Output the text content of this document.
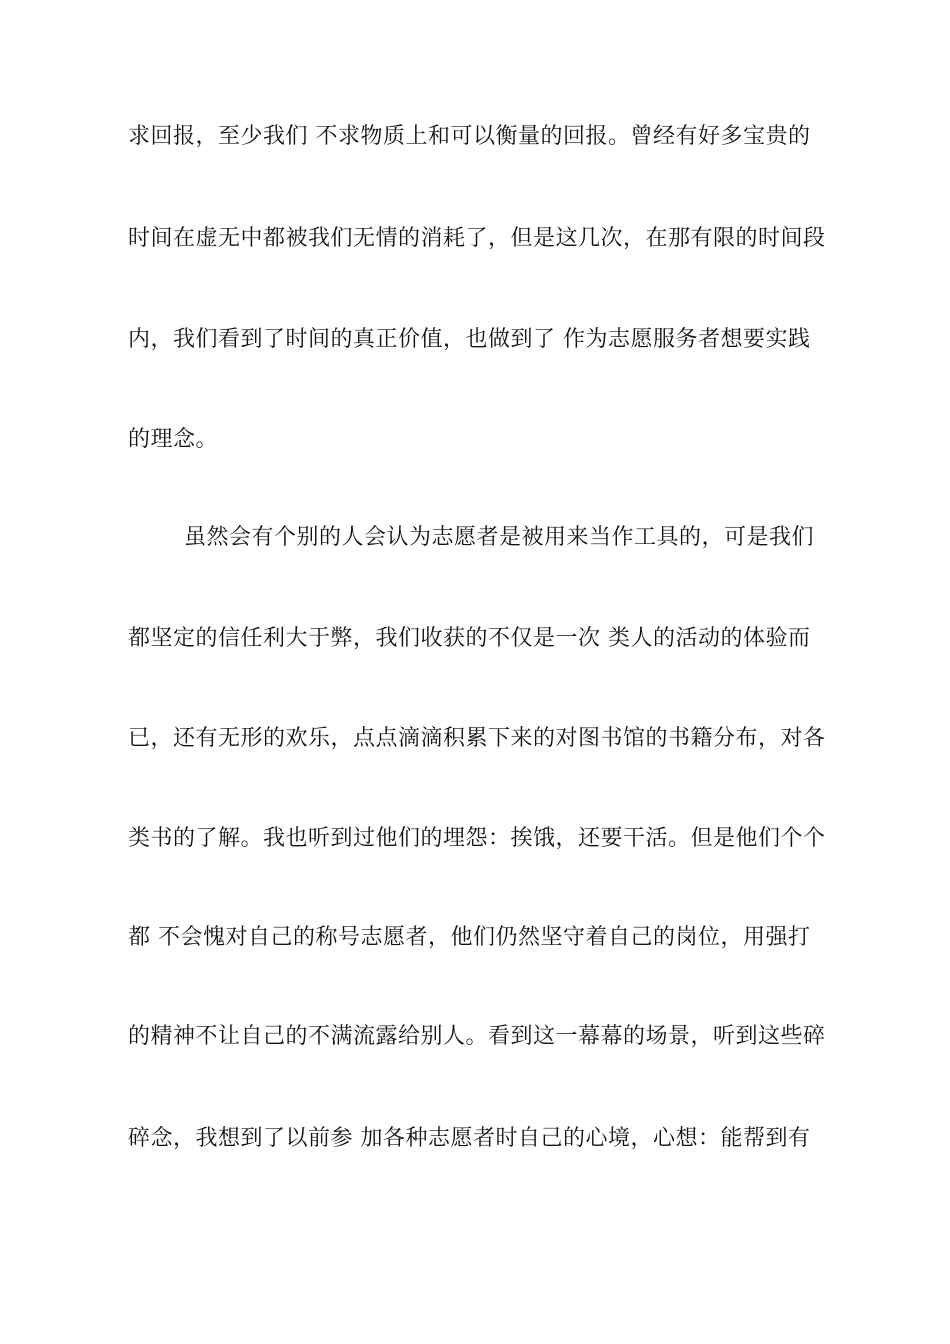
求回报，至少我们 不求物质上和可以衡量的回报。曾经有好多宝贵的
时间在虚无中都被我们无情的消耗了，但是这几次，在那有限的时间段
内，我们看到了时间的真正价值，也做到了 作为志愿服务者想要实践
的理念。
虽然会有个别的人会认为志愿者是被用来当作工具的，可是我们
都坚定的信任利大于弊，我们收获的不仅是一次 类人的活动的体验而
已，还有无形的欢乐，点点滴滴积累下来的对图书馆的书籍分布，对各
类书的了解。我也听到过他们的埋怨：挨饿，还要干活。但是他们个个
都 不会愧对自己的称号志愿者，他们仍然坚守着自己的岗位，用强打
的精神不让自己的不满流露给别人。看到这一幕幕的场景，听到这些碎
碎念，我想到了以前参 加各种志愿者时自己的心境，心想：能帮到有
